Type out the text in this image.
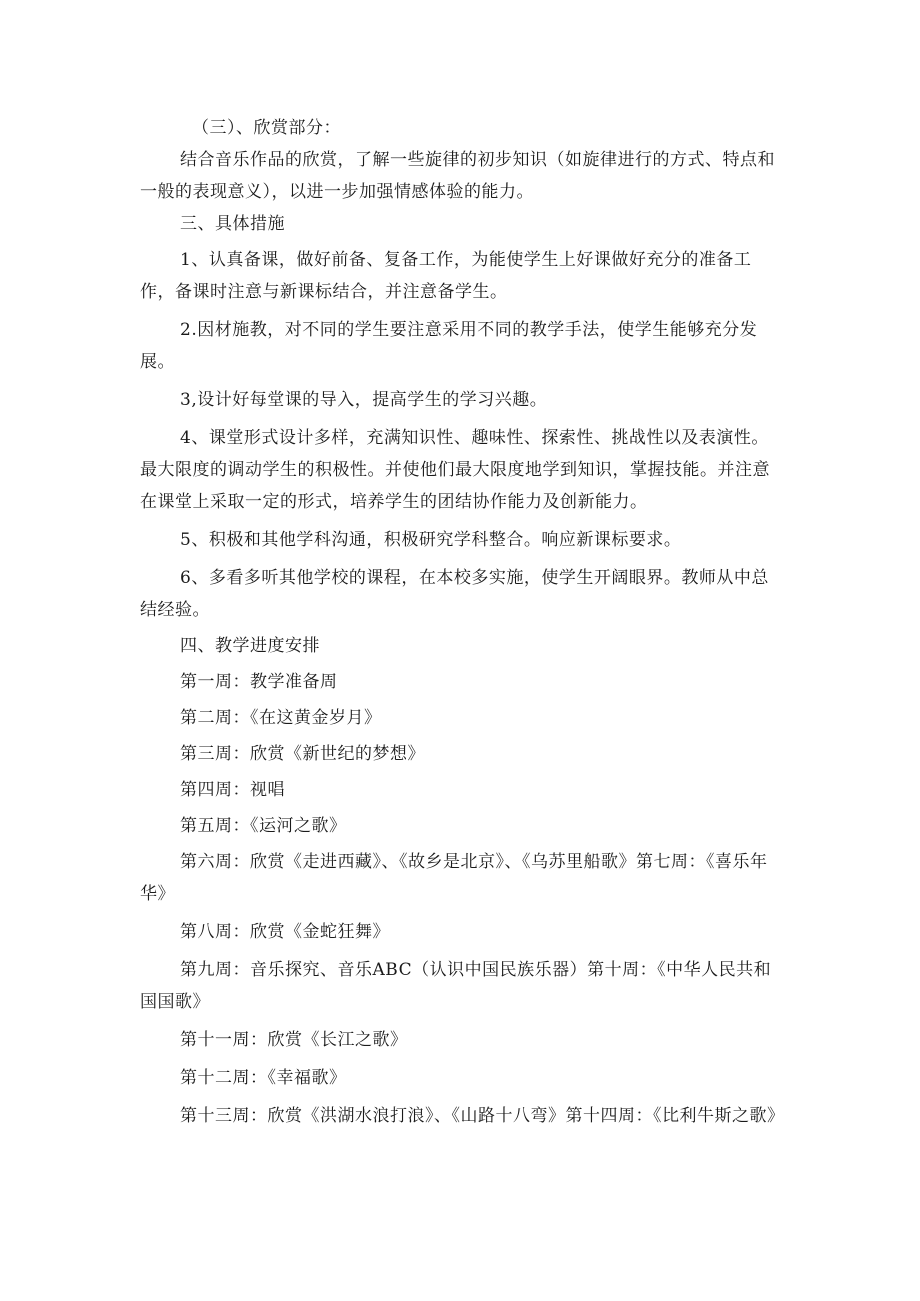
（三）、欣赏部分：

结合音乐作品的欣赏，了解一些旋律的初步知识（如旋律进行的方式、特点和一般的表现意义），以进一步加强情感体验的能力。

三、具体措施

1、认真备课，做好前备、复备工作，为能使学生上好课做好充分的准备工作，备课时注意与新课标结合，并注意备学生。

2.因材施教，对不同的学生要注意采用不同的教学手法，使学生能够充分发展。

3,设计好每堂课的导入，提高学生的学习兴趣。

4、课堂形式设计多样，充满知识性、趣味性、探索性、挑战性以及表演性。最大限度的调动学生的积极性。并使他们最大限度地学到知识，掌握技能。并注意在课堂上采取一定的形式，培养学生的团结协作能力及创新能力。

5、积极和其他学科沟通，积极研究学科整合。响应新课标要求。

6、多看多听其他学校的课程，在本校多实施，使学生开阔眼界。教师从中总结经验。

四、教学进度安排

第一周：教学准备周

第二周：《在这黄金岁月》

第三周：欣赏《新世纪的梦想》

第四周：视唱

第五周：《运河之歌》

第六周：欣赏《走进西藏》、《故乡是北京》、《乌苏里船歌》第七周：《喜乐年华》

第八周：欣赏《金蛇狂舞》

第九周：音乐探究、音乐ABC（认识中国民族乐器）第十周：《中华人民共和国国歌》

第十一周：欣赏《长江之歌》

第十二周：《幸福歌》

第十三周：欣赏《洪湖水浪打浪》、《山路十八弯》第十四周：《比利牛斯之歌》
